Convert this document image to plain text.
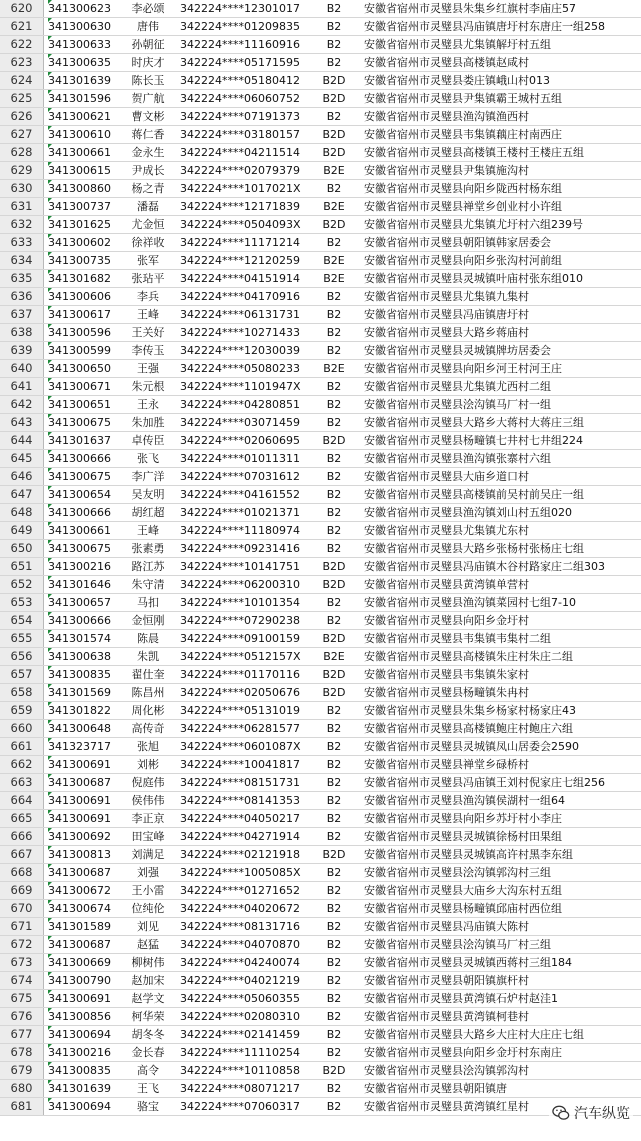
620	341300623	李必颂	342224****12301017	B2	安徽省宿州市灵璧县朱集乡红旗村李庙庄57
621	341300630	唐伟	342224****01209835	B2	安徽省宿州市灵璧县冯庙镇唐圩村东唐庄一组258
622	341300633	孙朝征	342224****11160916	B2	安徽省宿州市灵璧县尤集镇解圩村五组
623	341300635	时庆才	342224****05171595	B2	安徽省宿州市灵璧县高楼镇赵咸村
624	341301639	陈长玉	342224****05180412	B2D	安徽省宿州市灵璧县娄庄镇峨山村013
625	341301596	贺广航	342224****06060752	B2D	安徽省宿州市灵璧县尹集镇霸王城村五组
626	341300621	曹文彬	342224****07191373	B2	安徽省宿州市灵璧县渔沟镇渔西村
627	341300610	蒋仁香	342224****03180157	B2D	安徽省宿州市灵璧县韦集镇藕庄村南西庄
628	341300661	金永生	342224****04211514	B2D	安徽省宿州市灵璧县高楼镇王楼村王楼庄五组
629	341300615	尹成长	342224****02079379	B2E	安徽省宿州市灵璧县尹集镇施沟村
630	341300860	杨之青	342224****1017021X	B2	安徽省宿州市灵璧县向阳乡陇西村杨东组
631	341300737	潘磊	342224****12171839	B2E	安徽省宿州市灵璧县禅堂乡创业村小许组
632	341301625	尤金恒	342224****0504093X	B2D	安徽省宿州市灵璧县尤集镇尤圩村六组239号
633	341300602	徐祥收	342224****11171214	B2	安徽省宿州市灵璧县朝阳镇韩家居委会
634	341300735	张军	342224****12120259	B2E	安徽省宿州市灵璧县向阳乡张沟村河前组
635	341301682	张玷平	342224****04151914	B2E	安徽省宿州市灵璧县灵城镇叶庙村张东组010
636	341300606	李兵	342224****04170916	B2	安徽省宿州市灵璧县尤集镇九集村
637	341300617	王峰	342224****06131731	B2	安徽省宿州市灵璧县冯庙镇唐圩村
638	341300596	王关好	342224****10271433	B2	安徽省宿州市灵璧县大路乡蒋庙村
639	341300599	李传玉	342224****12030039	B2	安徽省宿州市灵璧县灵城镇牌坊居委会
640	341300650	王强	342224****05080233	B2E	安徽省宿州市灵璧县向阳乡河王村河王庄
641	341300671	朱元根	342224****1101947X	B2	安徽省宿州市灵璧县尤集镇尤西村二组
642	341300651	王永	342224****04280851	B2	安徽省宿州市灵璧县浍沟镇马厂村一组
643	341300675	朱加胜	342224****03071459	B2	安徽省宿州市灵璧县大路乡大蒋村大蒋庄三组
644	341301637	卓传臣	342224****02060695	B2D	安徽省宿州市灵璧县杨疃镇七井村七井组224
645	341300666	张飞	342224****01011311	B2	安徽省宿州市灵璧县渔沟镇张寨村六组
646	341300675	李广洋	342224****07031612	B2	安徽省宿州市灵璧县大庙乡道口村
647	341300654	吴友明	342224****04161552	B2	安徽省宿州市灵璧县高楼镇前吴村前吴庄一组
648	341300666	胡红超	342224****01021371	B2	安徽省宿州市灵璧县渔沟镇刘山村五组020
649	341300661	王峰	342224****11180974	B2	安徽省宿州市灵璧县尤集镇尤东村
650	341300675	张素勇	342224****09231416	B2	安徽省宿州市灵璧县大路乡张杨村张杨庄七组
651	341300216	路江苏	342224****10141751	B2D	安徽省宿州市灵璧县冯庙镇木谷村路家庄二组303
652	341301646	朱守清	342224****06200310	B2D	安徽省宿州市灵璧县黄湾镇单营村
653	341300657	马扣	342224****10101354	B2	安徽省宿州市灵璧县渔沟镇菜园村七组7-10
654	341300666	金恒刚	342224****07290238	B2	安徽省宿州市灵璧县向阳乡金圩村
655	341301574	陈晨	342224****09100159	B2D	安徽省宿州市灵璧县韦集镇韦集村二组
656	341300638	朱凯	342224****0512157X	B2E	安徽省宿州市灵璧县高楼镇朱庄村朱庄二组
657	341300835	翟仕奎	342224****01170116	B2D	安徽省宿州市灵璧县韦集镇朱家村
658	341301569	陈昌州	342224****02050676	B2D	安徽省宿州市灵璧县杨疃镇朱冉村
659	341301822	周化彬	342224****05131019	B2	安徽省宿州市灵璧县朱集乡杨家村杨家庄43
660	341300648	高传奇	342224****06281577	B2	安徽省宿州市灵璧县高楼镇鲍庄村鲍庄六组
661	341323717	张旭	342224****0601087X	B2	安徽省宿州市灵璧县灵城镇凤山居委会2590
662	341300691	刘彬	342224****10041817	B2	安徽省宿州市灵璧县禅堂乡碌桥村
663	341300687	倪庭伟	342224****08151731	B2	安徽省宿州市灵璧县冯庙镇王刘村倪家庄七组256
664	341300691	侯伟伟	342224****08141353	B2	安徽省宿州市灵璧县渔沟镇侯湖村一组64
665	341300691	李正京	342224****04050217	B2	安徽省宿州市灵璧县向阳乡苏圩村小李庄
666	341300692	田宝峰	342224****04271914	B2	安徽省宿州市灵璧县灵城镇徐杨村田果组
667	341300813	刘满足	342224****02121918	B2D	安徽省宿州市灵璧县灵城镇高许村黑李东组
668	341300687	刘强	342224****1005085X	B2	安徽省宿州市灵璧县浍沟镇郭沟村三组
669	341300672	王小雷	342224****01271652	B2	安徽省宿州市灵璧县大庙乡大沟东村五组
670	341300674	位纯伦	342224****04020672	B2	安徽省宿州市灵璧县杨疃镇邱庙村西位组
671	341301589	刘见	342224****08131716	B2	安徽省宿州市灵璧县冯庙镇大陈村
672	341300687	赵猛	342224****04070870	B2	安徽省宿州市灵璧县浍沟镇马厂村三组
673	341300669	柳树伟	342224****04240074	B2	安徽省宿州市灵璧县灵城镇西蒋村三组184
674	341300790	赵加宋	342224****04021219	B2	安徽省宿州市灵璧县朝阳镇旗杆村
675	341300691	赵学文	342224****05060355	B2	安徽省宿州市灵璧县黄湾镇石炉村赵洼1
676	341300856	柯华荣	342224****02080310	B2	安徽省宿州市灵璧县黄湾镇柯巷村
677	341300694	胡冬冬	342224****02141459	B2	安徽省宿州市灵璧县大路乡大庄村大庄庄七组
678	341300216	金长春	342224****11110254	B2	安徽省宿州市灵璧县向阳乡金圩村东南庄
679	341300835	高令	342224****10110858	B2D	安徽省宿州市灵璧县浍沟镇郭沟村
680	341301639	王飞	342224****08071217	B2	安徽省宿州市灵璧县朝阳镇唐
681	341300694	骆宝	342224****07060317	B2	安徽省宿州市灵璧县黄湾镇红星村	汽车纵览
